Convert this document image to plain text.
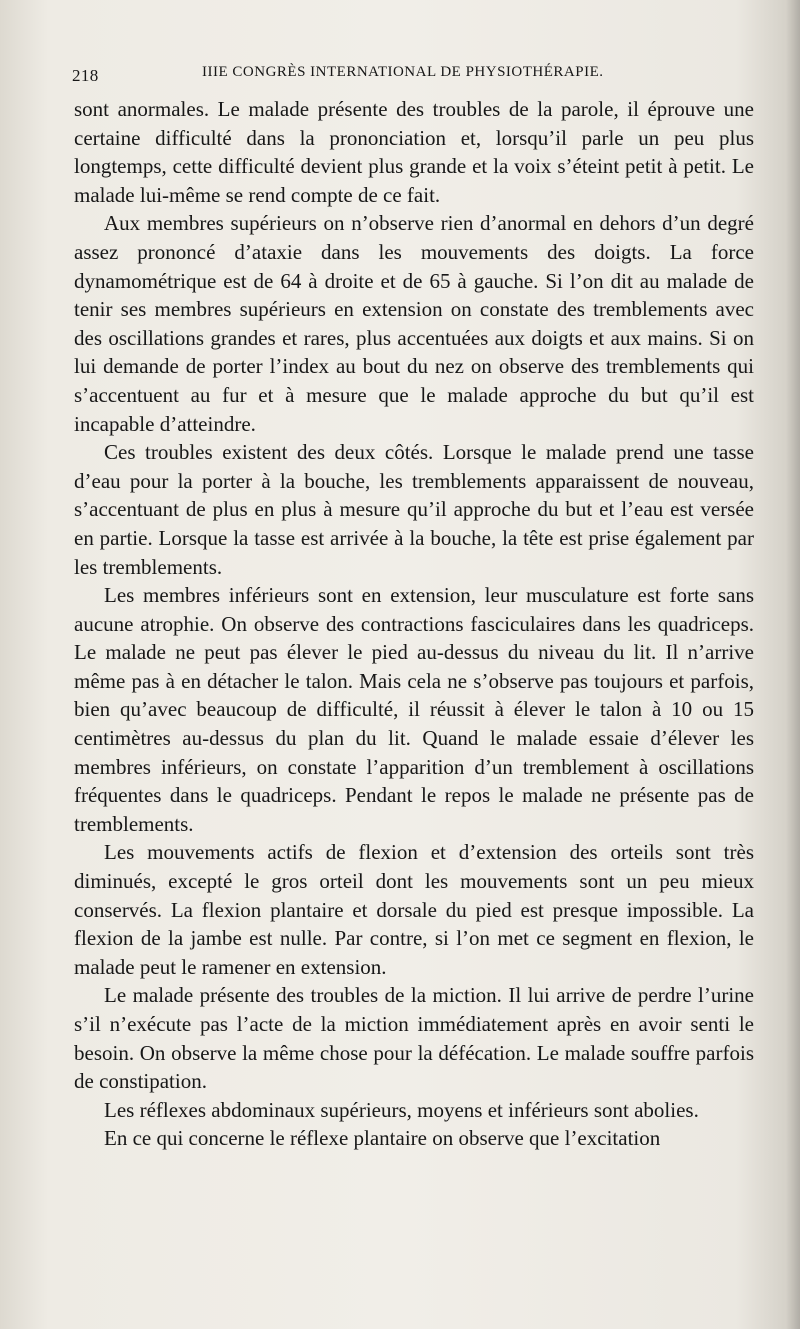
218	IIIE CONGRÈS INTERNATIONAL DE PHYSIOTHÉRAPIE.

sont anormales. Le malade présente des troubles de la parole, il éprouve une certaine difficulté dans la prononciation et, lorsqu’il parle un peu plus longtemps, cette difficulté devient plus grande et la voix s’éteint petit à petit. Le malade lui-même se rend compte de ce fait.

Aux membres supérieurs on n’observe rien d’anormal en dehors d’un degré assez prononcé d’ataxie dans les mouvements des doigts. La force dynamométrique est de 64 à droite et de 65 à gauche. Si l’on dit au malade de tenir ses membres supérieurs en extension on constate des tremblements avec des oscillations grandes et rares, plus accentuées aux doigts et aux mains. Si on lui demande de porter l’index au bout du nez on observe des tremblements qui s’accentuent au fur et à mesure que le malade approche du but qu’il est incapable d’atteindre.

Ces troubles existent des deux côtés. Lorsque le malade prend une tasse d’eau pour la porter à la bouche, les tremblements apparaissent de nouveau, s’accentuant de plus en plus à mesure qu’il approche du but et l’eau est versée en partie. Lorsque la tasse est arrivée à la bouche, la tête est prise également par les tremblements.

Les membres inférieurs sont en extension, leur musculature est forte sans aucune atrophie. On observe des contractions fasciculaires dans les quadriceps. Le malade ne peut pas élever le pied au-dessus du niveau du lit. Il n’arrive même pas à en détacher le talon. Mais cela ne s’observe pas toujours et parfois, bien qu’avec beaucoup de difficulté, il réussit à élever le talon à 10 ou 15 centimètres au-dessus du plan du lit. Quand le malade essaie d’élever les membres inférieurs, on constate l’apparition d’un tremblement à oscillations fréquentes dans le quadriceps. Pendant le repos le malade ne présente pas de tremblements.

Les mouvements actifs de flexion et d’extension des orteils sont très diminués, excepté le gros orteil dont les mouvements sont un peu mieux conservés. La flexion plantaire et dorsale du pied est presque impossible. La flexion de la jambe est nulle. Par contre, si l’on met ce segment en flexion, le malade peut le ramener en extension.

Le malade présente des troubles de la miction. Il lui arrive de perdre l’urine s’il n’exécute pas l’acte de la miction immédiatement après en avoir senti le besoin. On observe la même chose pour la défécation. Le malade souffre parfois de constipation.

Les réflexes abdominaux supérieurs, moyens et inférieurs sont abolies.

En ce qui concerne le réflexe plantaire on observe que l’excitation
